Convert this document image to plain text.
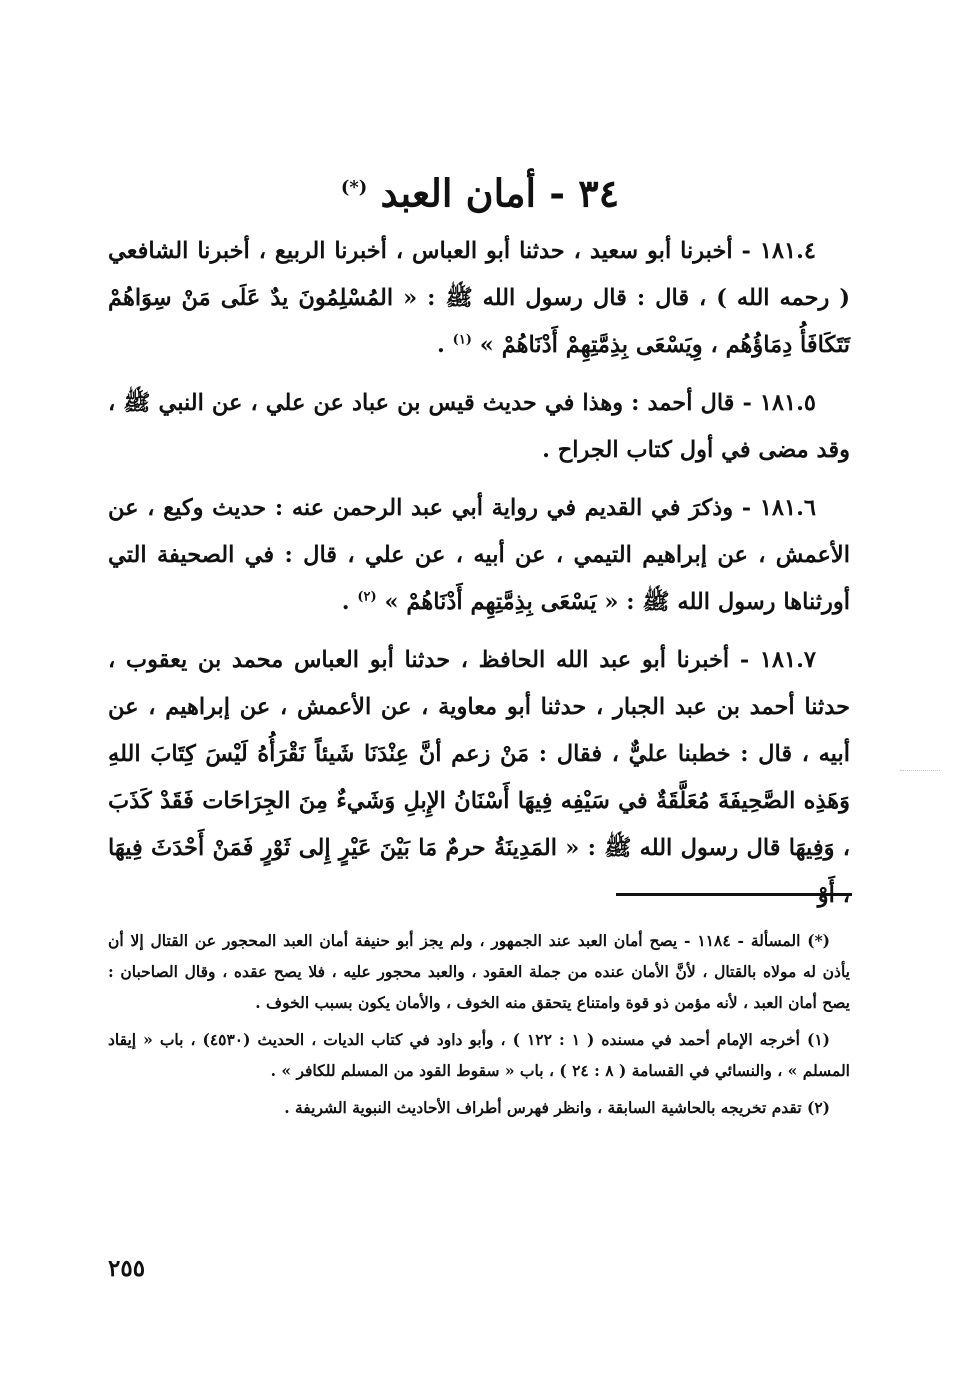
٣٤ - أمان العبد (*)

١٨١.٤ - أخبرنا أبو سعيد ، حدثنا أبو العباس ، أخبرنا الربيع ، أخبرنا الشافعي ( رحمه الله ) ، قال : قال رسول الله ﷺ : « المُسْلِمُونَ يدٌ عَلَى مَنْ سِوَاهُمْ تَتَكَافَأُ دِمَاؤُهُم ، وِيَسْعَى بِذِمَّتِهِمْ أَدْنَاهُمْ » $^{(١)}$ .

١٨١.٥ - قال أحمد : وهذا في حديث قيس بن عباد عن علي ، عن النبي ﷺ ، وقد مضى في أول كتاب الجراح .

١٨١.٦ - وذكرَ في القديم في رواية أبي عبد الرحمن عنه : حديث وكيع ، عن الأعمش ، عن إبراهيم التيمي ، عن أبيه ، عن علي ، قال : في الصحيفة التي أورثناها رسول الله ﷺ : « يَسْعَى بِذِمَّتِهِم أَدْنَاهُمْ » $^{(٢)}$ .

١٨١.٧ - أخبرنا أبو عبد الله الحافظ ، حدثنا أبو العباس محمد بن يعقوب ، حدثنا أحمد بن عبد الجبار ، حدثنا أبو معاوية ، عن الأعمش ، عن إبراهيم ، عن أبيه ، قال : خطبنا عليٌّ ، فقال : مَنْ زعم أنَّ عِنْدَنَا شَيئاً نَقْرَأُهُ لَيْسَ كِتَابَ اللهِ وَهَذِه الصَّحِيفَةَ مُعَلَّقَةٌ في سَيْفِه فِيهَا أَسْنَانُ الإِبلِ وَشَيءٌ مِنَ الجِرَاحَات فَقَدْ كَذَبَ ، وَفِيهَا قال رسول الله ﷺ : « المَدِينَةُ حرمٌ مَا بَيْنَ عَيْرٍ إِلى ثَوْرٍ فَمَنْ أَحْدَثَ فِيهَا ، أَوْ

(*) المسألة - ١١٨٤ - يصح أمان العبد عند الجمهور ، ولم يجز أبو حنيفة أمان العبد المحجور عن القتال إلا أن يأذن له مولاه بالقتال ، لأنَّ الأمان عنده من جملة العقود ، والعبد محجور عليه ، فلا يصح عقده ، وقال الصاحبان : يصح أمان العبد ، لأنه مؤمن ذو قوة وامتناع يتحقق منه الخوف ، والأمان يكون بسبب الخوف .

(١) أخرجه الإمام أحمد في مسنده ( ١ : ١٢٢ ) ، وأبو داود في كتاب الديات ، الحديث (٤٥٣٠) ، باب « إيقاد المسلم » ، والنسائي في القسامة ( ٨ : ٢٤ ) ، باب « سقوط القود من المسلم للكافر » .

(٢) تقدم تخريجه بالحاشية السابقة ، وانظر فهرس أطراف الأحاديث النبوية الشريفة .

٢٥٥
